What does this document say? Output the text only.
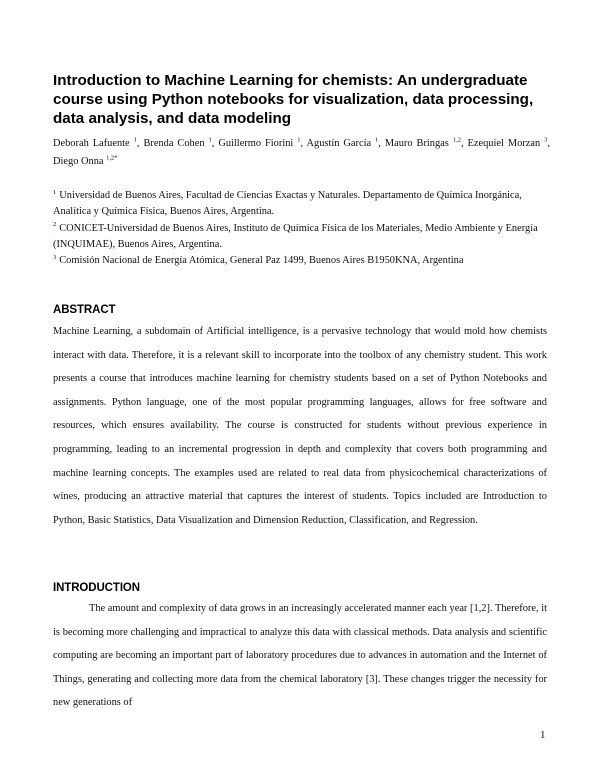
Introduction to Machine Learning for chemists: An undergraduate course using Python notebooks for visualization, data processing, data analysis, and data modeling
Deborah Lafuente $^1$, Brenda Cohen $^1$, Guillermo Fiorini $^1$, Agustín García $^1$, Mauro Bringas $^{1,2}$, Ezequiel Morzan $^3$, Diego Onna $^{1,2*}$

$^1$ Universidad de Buenos Aires, Facultad de Ciencias Exactas y Naturales. Departamento de Química Inorgánica, Analítica y Química Física, Buenos Aires, Argentina.

$^2$ CONICET-Universidad de Buenos Aires, Instituto de Química Física de los Materiales, Medio Ambiente y Energía (INQUIMAE), Buenos Aires, Argentina.

$^3$ Comisión Nacional de Energía Atómica, General Paz 1499, Buenos Aires B1950KNA, Argentina

ABSTRACT

Machine Learning, a subdomain of Artificial intelligence, is a pervasive technology that would mold how chemists interact with data. Therefore, it is a relevant skill to incorporate into the toolbox of any chemistry student. This work presents a course that introduces machine learning for chemistry students based on a set of Python Notebooks and assignments. Python language, one of the most popular programming languages, allows for free software and resources, which ensures availability. The course is constructed for students without previous experience in programming, leading to an incremental progression in depth and complexity that covers both programming and machine learning concepts. The examples used are related to real data from physicochemical characterizations of wines, producing an attractive material that captures the interest of students. Topics included are Introduction to Python, Basic Statistics, Data Visualization and Dimension Reduction, Classification, and Regression.

INTRODUCTION

The amount and complexity of data grows in an increasingly accelerated manner each year [1,2]. Therefore, it is becoming more challenging and impractical to analyze this data with classical methods. Data analysis and scientific computing are becoming an important part of laboratory procedures due to advances in automation and the Internet of Things, generating and collecting more data from the chemical laboratory [3]. These changes trigger the necessity for new generations of

1
